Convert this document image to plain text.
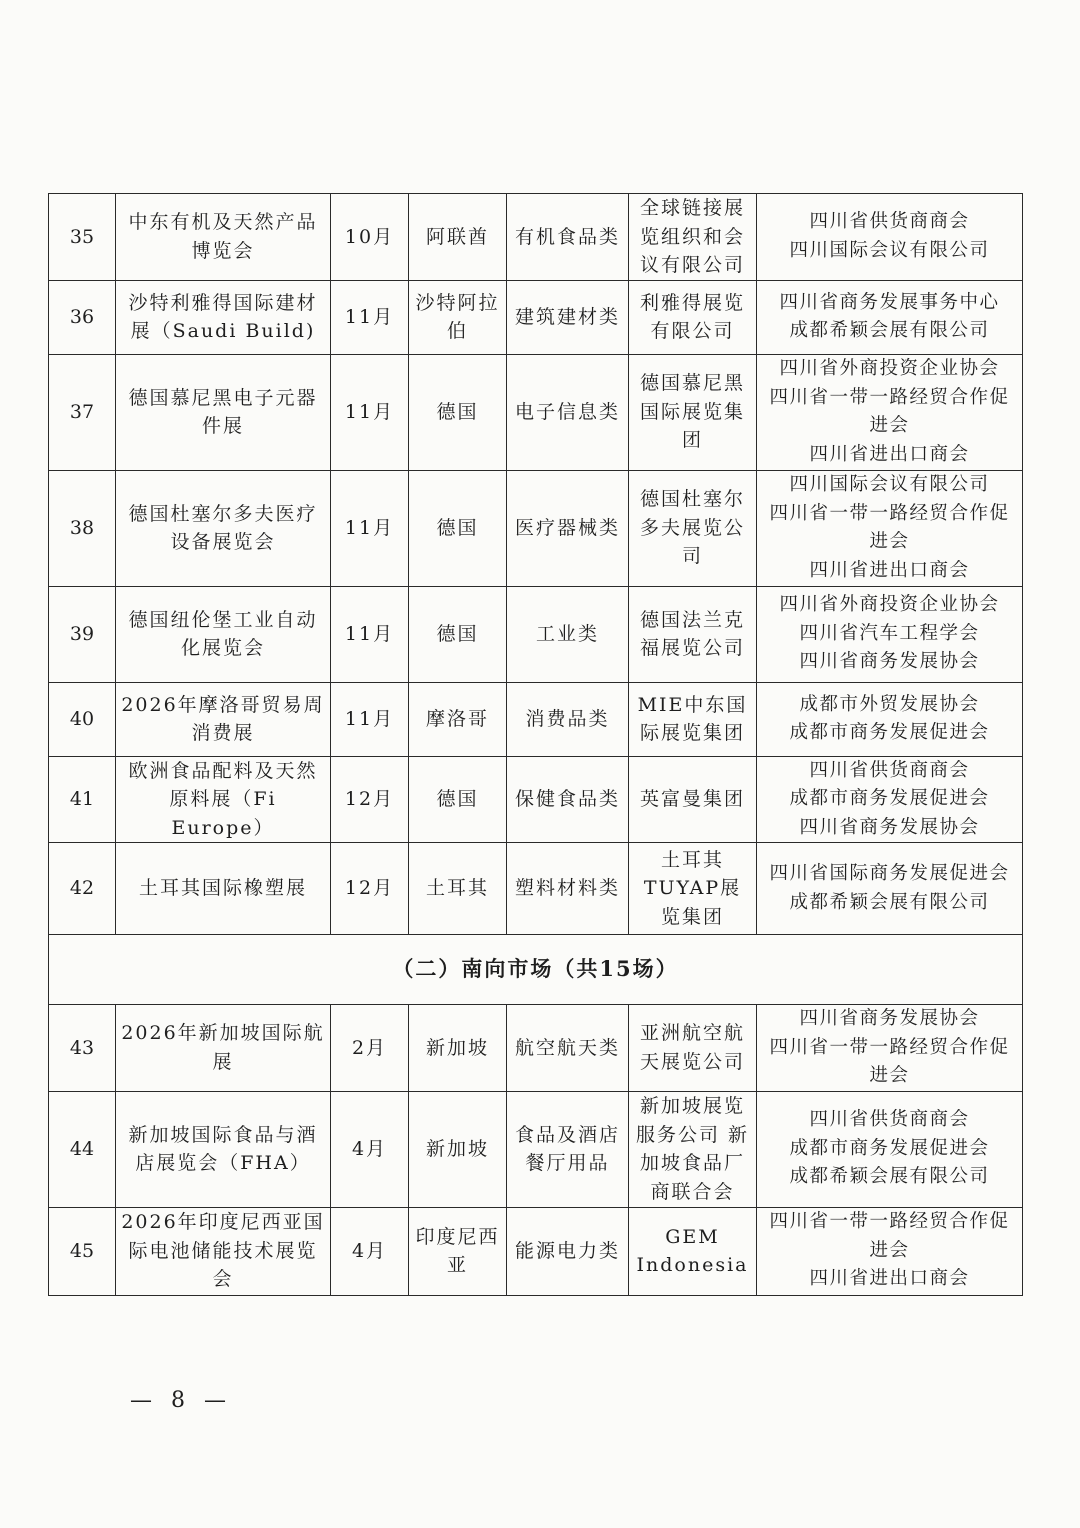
35	中东有机及天然产品博览会	10月	阿联酋	有机食品类	全球链接展览组织和会议有限公司	四川省供货商商会
四川国际会议有限公司

36	沙特利雅得国际建材展（Saudi Build)	11月	沙特阿拉伯	建筑建材类	利雅得展览有限公司	四川省商务发展事务中心
成都希颖会展有限公司

37	德国慕尼黑电子元器件展	11月	德国	电子信息类	德国慕尼黑国际展览集团	四川省外商投资企业协会
四川省一带一路经贸合作促进会
四川省进出口商会

38	德国杜塞尔多夫医疗设备展览会	11月	德国	医疗器械类	德国杜塞尔多夫展览公司	四川国际会议有限公司
四川省一带一路经贸合作促进会
四川省进出口商会

39	德国纽伦堡工业自动化展览会	11月	德国	工业类	德国法兰克福展览公司	四川省外商投资企业协会
四川省汽车工程学会
四川省商务发展协会

40	2026年摩洛哥贸易周消费展	11月	摩洛哥	消费品类	MIE中东国际展览集团	成都市外贸发展协会
成都市商务发展促进会

41	欧洲食品配料及天然原料展（Fi Europe）	12月	德国	保健食品类	英富曼集团	四川省供货商商会
成都市商务发展促进会
四川省商务发展协会

42	土耳其国际橡塑展	12月	土耳其	塑料材料类	土耳其TUYAP展览集团	四川省国际商务发展促进会
成都希颖会展有限公司

（二）南向市场（共15场）						
43	2026年新加坡国际航展	2月	新加坡	航空航天类	亚洲航空航天展览公司	四川省商务发展协会
四川省一带一路经贸合作促进会

44	新加坡国际食品与酒店展览会（FHA）	4月	新加坡	食品及酒店餐厅用品	新加坡展览服务公司 新加坡食品厂商联合会	四川省供货商商会
成都市商务发展促进会
成都希颖会展有限公司

45	2026年印度尼西亚国际电池储能技术展览会	4月	印度尼西亚	能源电力类	GEM Indonesia	四川省一带一路经贸合作促进会
四川省进出口商会
— 8 —
